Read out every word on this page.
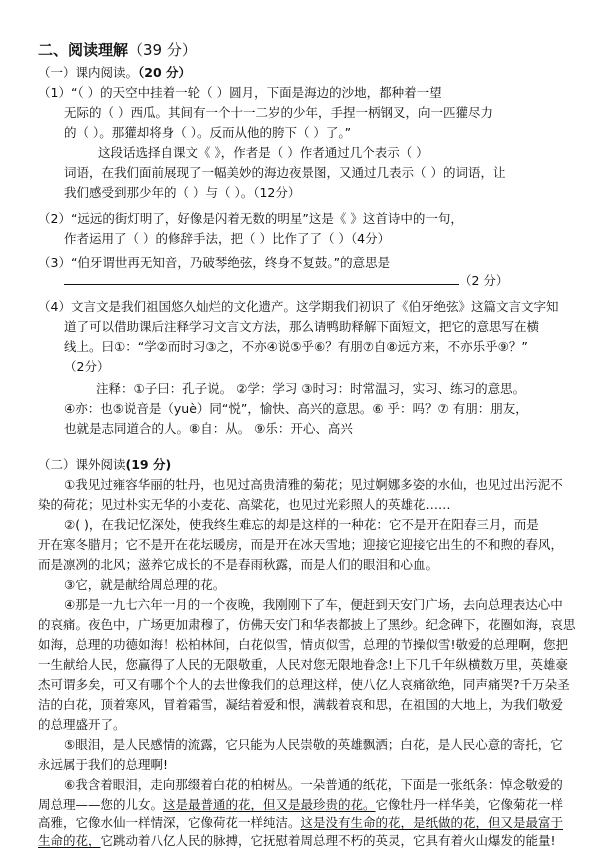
二、阅读理解（39 分）
（一）课内阅读。（20 分）
（1）“（ ）的天空中挂着一轮（ ）圆月，下面是海边的沙地，都种着一望
无际的（ ）西瓜。其间有一个十一二岁的少年，手捏一柄钢叉，向一匹獾尽力
的（ ）。那獾却将身（ ）。反而从他的胯下（ ）了。”
这段话选择自课文《 》，作者是（ ）作者通过几个表示（ ）
词语，在我们面前展现了一幅美妙的海边夜景图，又通过几表示（ ）的词语，让
我们感受到那少年的（ ）与（ ）。（12分）
（2）“远远的街灯明了，好像是闪着无数的明星”这是《 》这首诗中的一句，
作者运用了（ ）的修辞手法，把（ ）比作了了（ ）（4分）
（3）“伯牙谓世再无知音，乃破琴绝弦，终身不复鼓。”的意思是
（2 分）
（4）文言文是我们祖国悠久灿烂的文化遗产。这学期我们初识了《伯牙绝弦》这篇文言文字知
道了可以借助课后注释学习文言文方法，那么请鸭助释解下面短文，把它的意思写在横
线上。曰①：“学②而时习③之，不亦④说⑤乎⑥？有朋⑦自⑧远方来，不亦乐乎⑨？”
（2分）
注释：①子曰：孔子说。 ②学：学习 ③时习：时常温习，实习、练习的意思。
④亦：也⑤说音是（yuè）同“悦”，愉快、高兴的意思。⑥ 乎：吗？⑦ 有朋：朋友，
也就是志同道合的人。⑧自：从。 ⑨乐：开心、高兴
（二）课外阅读(19 分)
①我见过雍容华丽的牡丹，也见过高贵清雅的菊花；见过婀娜多姿的水仙，也见过出污泥不
染的荷花；见过朴实无华的小麦花、高粱花，也见过光彩照人的英雄花……
②( )，在我记忆深处，使我终生难忘的却是这样的一种花：它不是开在阳春三月，而是
开在寒冬腊月；它不是开在花坛暖房，而是开在冰天雪地；迎接它迎接它出生的不和煦的春风，
而是凛冽的北风；滋养它成长的不是春雨秋露，而是人们的眼泪和心血。
③它，就是献给周总理的花。
④那是一九七六年一月的一个夜晚，我刚刚下了车，便赶到天安门广场，去向总理表达心中
的哀痛。夜色中，广场更加肃穆了，仿佛天安门和华表都披上了黑纱。纪念碑下，花圈如海，哀思
如海，总理的功德如海！松柏林间，白花似雪，情贞似雪，总理的节操似雪!敬爱的总理啊，您把
一生献给人民，您赢得了人民的无限敬重，人民对您无限地眷念!上下几千年纵横数万里，英雄豪
杰可谓多矣，可又有哪个个人的去世像我们的总理这样，使八亿人哀痛欲绝，同声痛哭?千万朵圣
洁的白花，顶着寒风，冒着霜雪，凝结着爱和恨，满载着哀和思，在祖国的大地上，为我们敬爱
的总理盛开了。
⑤眼泪，是人民感情的流露，它只能为人民崇敬的英雄飘洒；白花，是人民心意的寄托，它
永远属于我们的总理啊!
⑥我含着眼泪，走向那缀着白花的柏树丛。一朵普通的纸花，下面是一张纸条：悼念敬爱的
周总理——您的儿女。这是最普通的花，但又是最珍贵的花。它像牡丹一样华美，它像菊花一样
高雅，它像水仙一样情深，它像荷花一样纯洁。这是没有生命的花，是纸做的花，但又是最富于
生命的花，它跳动着八亿人民的脉搏，它抚慰着周总理不朽的英灵，它具有着火山爆发的能量!
